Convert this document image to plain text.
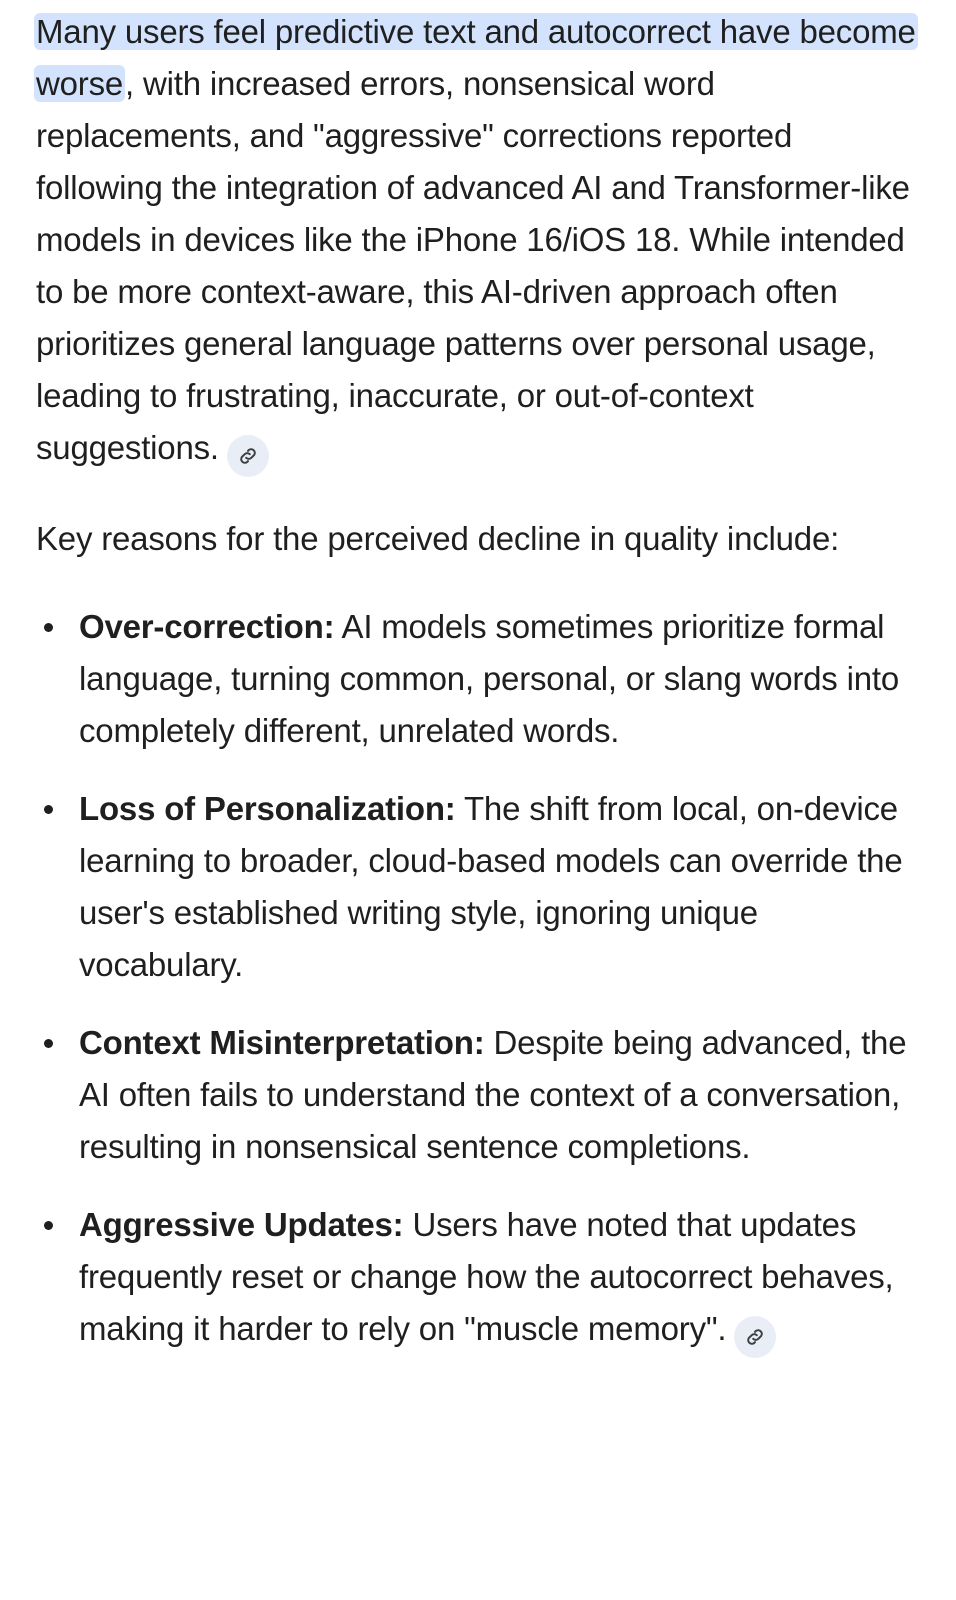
Many users feel predictive text and autocorrect have become worse, with increased errors, nonsensical word replacements, and "aggressive" corrections reported following the integration of advanced AI and Transformer-like models in devices like the iPhone 16/iOS 18. While intended to be more context-aware, this AI-driven approach often prioritizes general language patterns over personal usage, leading to frustrating, inaccurate, or out-of-context suggestions.

Key reasons for the perceived decline in quality include:

Over-correction: AI models sometimes prioritize formal language, turning common, personal, or slang words into completely different, unrelated words.
Loss of Personalization: The shift from local, on-device learning to broader, cloud-based models can override the user's established writing style, ignoring unique vocabulary.
Context Misinterpretation: Despite being advanced, the AI often fails to understand the context of a conversation, resulting in nonsensical sentence completions.
Aggressive Updates: Users have noted that updates frequently reset or change how the autocorrect behaves, making it harder to rely on "muscle memory".
